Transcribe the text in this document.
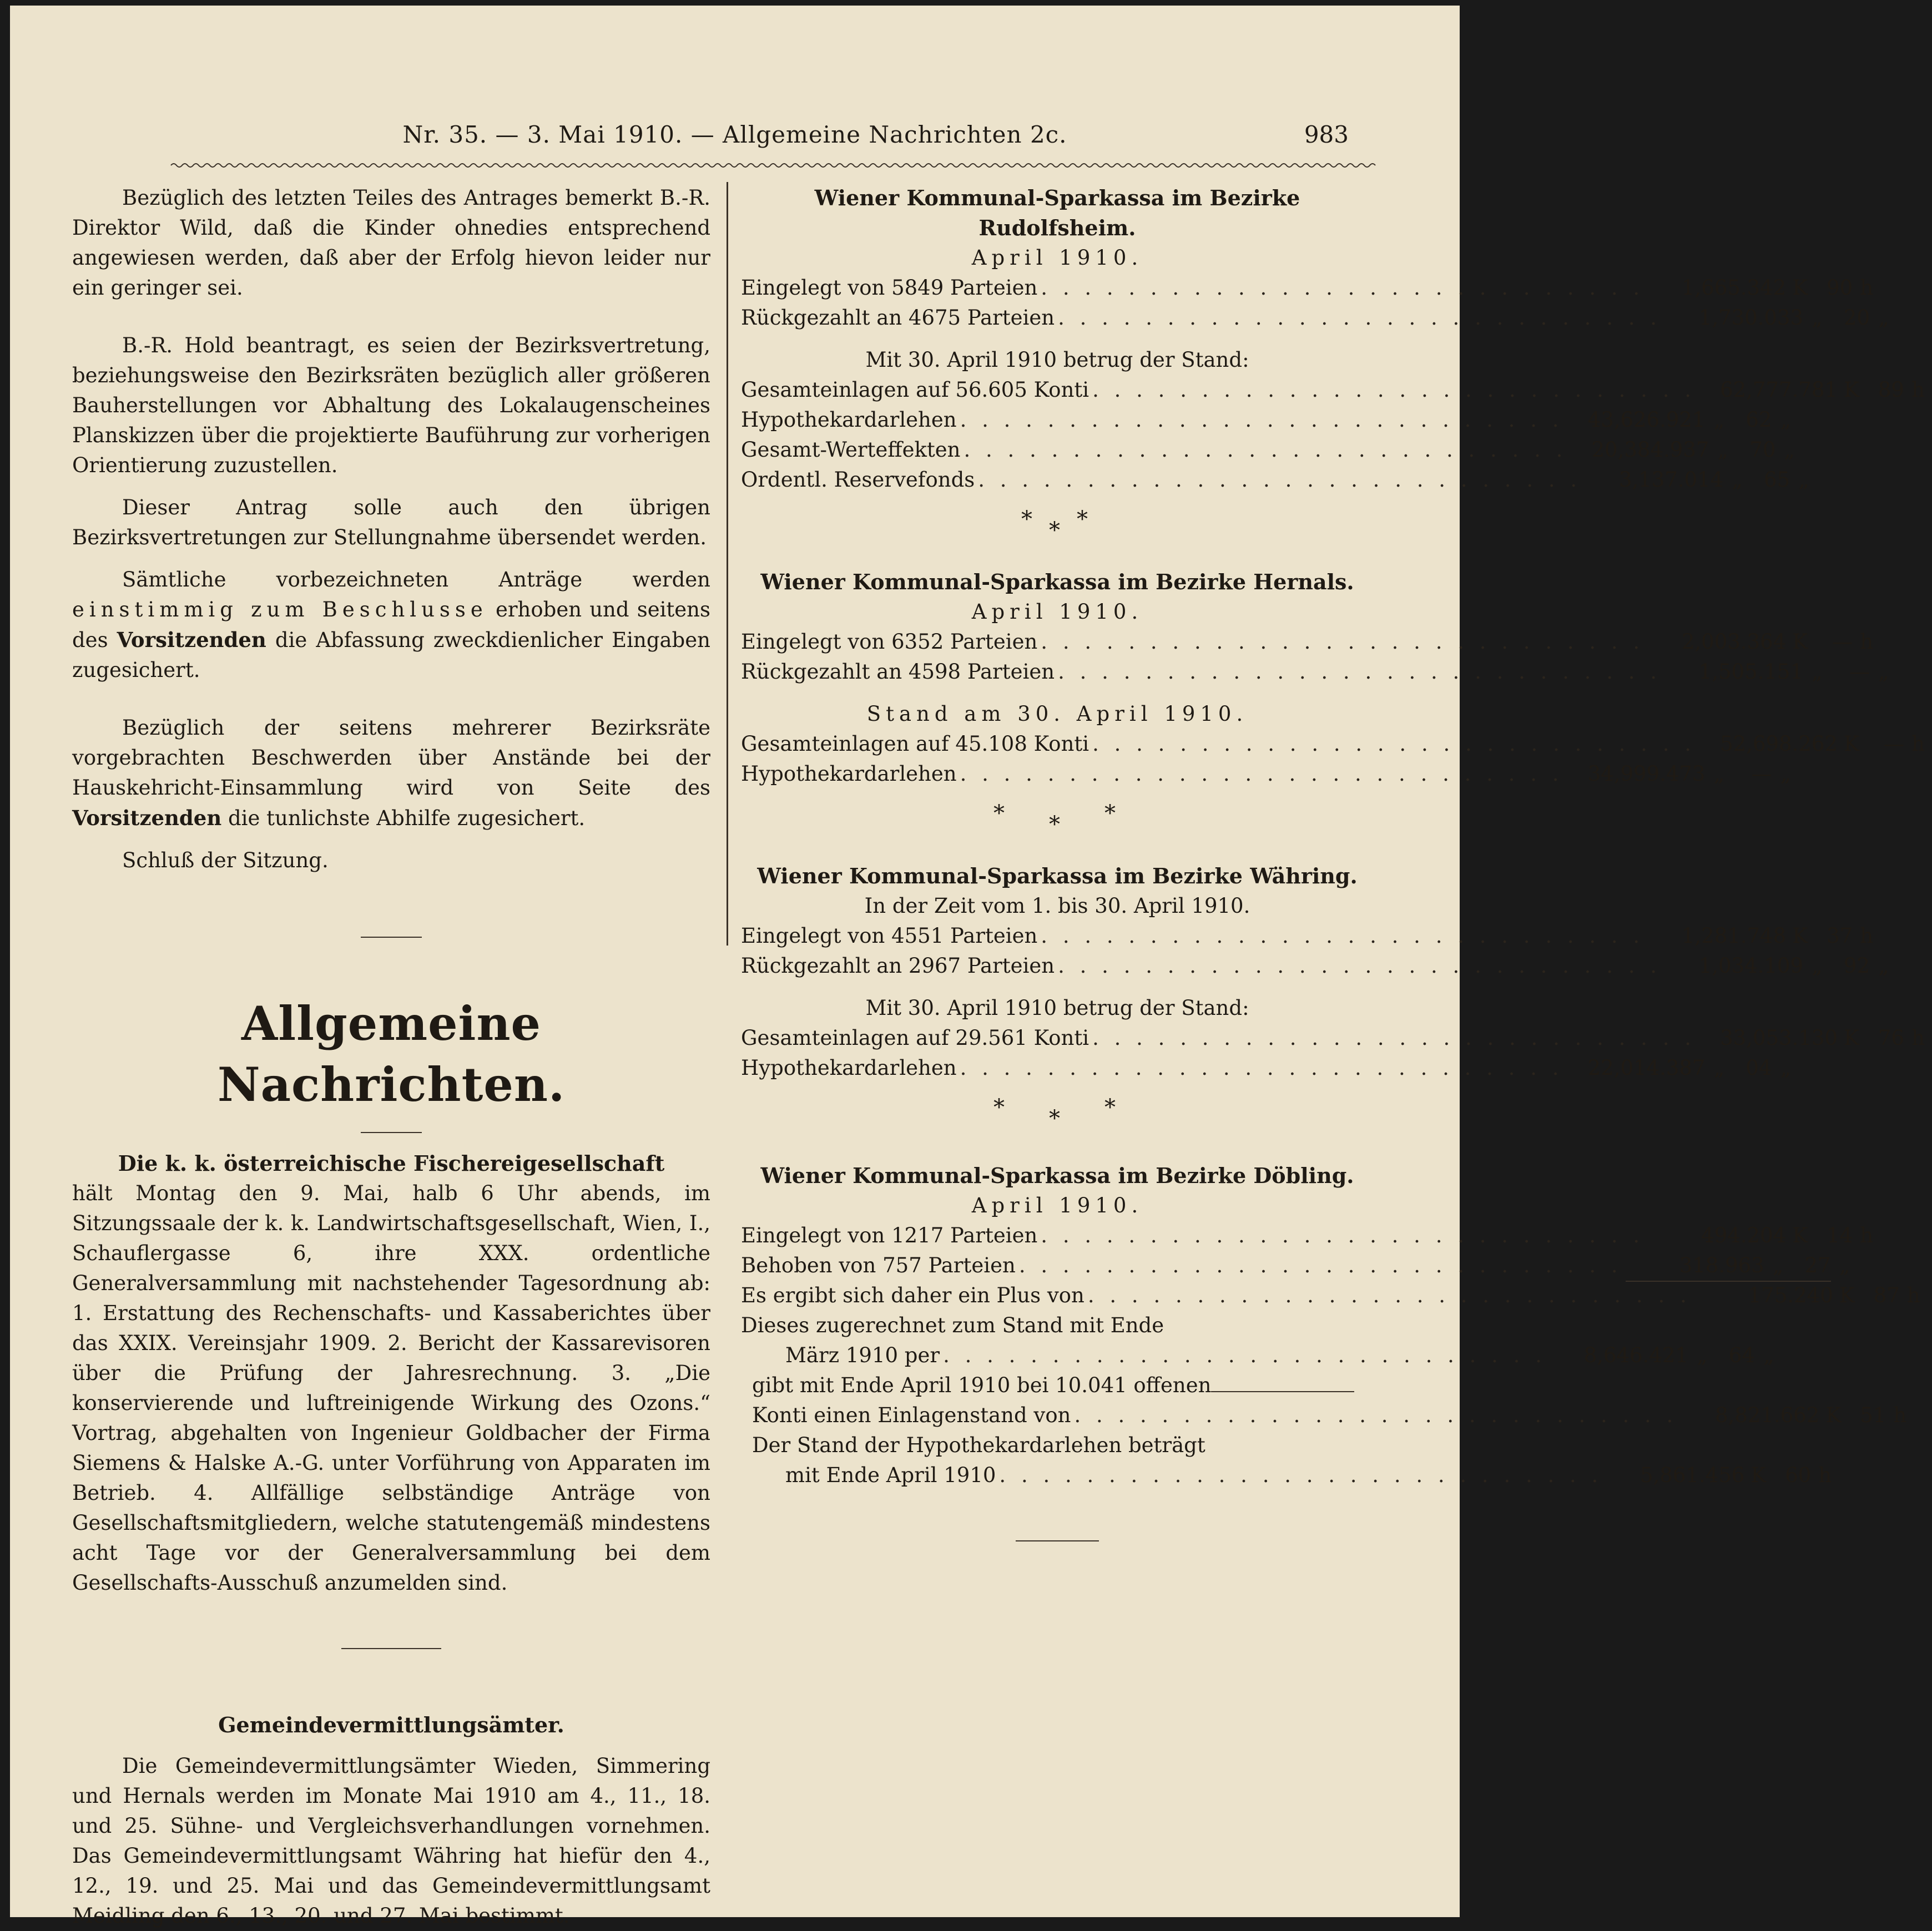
Nr. 35. — 3. Mai 1910. — Allgemeine Nachrichten 2c.	983

Bezüglich des letzten Teiles des Antrages bemerkt B.-R. Direktor Wild, daß die Kinder ohnedies entsprechend angewiesen werden, daß aber der Erfolg hievon leider nur ein geringer sei.

B.-R. Hold beantragt, es seien der Bezirksvertretung, beziehungsweise den Bezirksräten bezüglich aller größeren Bauherstellungen vor Abhaltung des Lokalaugenscheines Planskizzen über die projektierte Bauführung zur vorherigen Orientierung zuzustellen.

Dieser Antrag solle auch den übrigen Bezirksvertretungen zur Stellungnahme übersendet werden.

Sämtliche vorbezeichneten Anträge werden einstimmig zum Beschlusse erhoben und seitens des Vorsitzenden die Abfassung zweckdienlicher Eingaben zugesichert.

Bezüglich der seitens mehrerer Bezirksräte vorgebrachten Beschwerden über Anstände bei der Hauskehricht-Einsammlung wird von Seite des Vorsitzenden die tunlichste Abhilfe zugesichert.

Schluß der Sitzung.

Allgemeine Nachrichten.
Die k. k. österreichische Fischereigesellschaft

hält Montag den 9. Mai, halb 6 Uhr abends, im Sitzungssaale der k. k. Landwirtschaftsgesellschaft, Wien, I., Schauflergasse 6, ihre XXX. ordentliche Generalversammlung mit nachstehender Tagesordnung ab: 1. Erstattung des Rechenschafts- und Kassaberichtes über das XXIX. Vereinsjahr 1909. 2. Bericht der Kassarevisoren über die Prüfung der Jahresrechnung. 3. „Die konservierende und luftreinigende Wirkung des Ozons.“ Vortrag, abgehalten von Ingenieur Goldbacher der Firma Siemens & Halske A.-G. unter Vorführung von Apparaten im Betrieb. 4. Allfällige selbständige Anträge von Gesellschaftsmitgliedern, welche statutengemäß mindestens acht Tage vor der Generalversammlung bei dem Gesellschafts-Ausschuß anzumelden sind.

Gemeindevermittlungsämter.

Die Gemeindevermittlungsämter Wieden, Simmering und Hernals werden im Monate Mai 1910 am 4., 11., 18. und 25. Sühne- und Vergleichsverhandlungen vornehmen. Das Gemeindevermittlungsamt Währing hat hiefür den 4., 12., 19. und 25. Mai und das Gemeindevermittlungsamt Meidling den 6., 13., 20. und 27. Mai bestimmt.

Wiener Kommunal-Sparkassa im Bezirke Rudolfsheim.
April 1910.
Eingelegt von 5849 Parteien . . . . . . . . . . . . . . . . . . . . . . . . . . . .	1,665.342 K 90 h
Rückgezahlt an 4675 Parteien . . . . . . . . . . . . . . . . . . . . . . . . . . . .	1,730.033 „	20 „
Mit 30. April 1910 betrug der Stand:
Gesamteinlagen auf 56.605 Konti . . . . . . . . . . . . . . . . . . . . . . . . . . . .	62,777.781 K 89 h
Hypothekardarlehen . . . . . . . . . . . . . . . . . . . . . . . . . . . .	43,626.921 „	62 „
Gesamt-Werteffekten . . . . . . . . . . . . . . . . . . . . . . . . . . . .	20,384.937 „	70 „
Ordentl. Reservefonds . . . . . . . . . . . . . . . . . . . . . . . . . . . .	3,137.014 „	65 „
* * *
Wiener Kommunal-Sparkassa im Bezirke Hernals.
April 1910.
Eingelegt von 6352 Parteien . . . . . . . . . . . . . . . . . . . . . . . . . . . .	2,003.364 K	— h
Rückgezahlt an 4598 Parteien . . . . . . . . . . . . . . . . . . . . . . . . . . . .	1,505.151 „	— „
Stand am 30. April 1910.
Gesamteinlagen auf 45.108 Konti . . . . . . . . . . . . . . . . . . . . . . . . . . . .	52,698.262 K	— h
Hypothekardarlehen . . . . . . . . . . . . . . . . . . . . . . . . . . . .	34,999.473 „	— „
* * *
Wiener Kommunal-Sparkassa im Bezirke Währing.
In der Zeit vom 1. bis 30. April 1910.
Eingelegt von 4551 Parteien . . . . . . . . . . . . . . . . . . . . . . . . . . . .	1,281.748 K 37 h
Rückgezahlt an 2967 Parteien . . . . . . . . . . . . . . . . . . . . . . . . . . . .	1,034.109 „	92 „
Mit 30. April 1910 betrug der Stand:
Gesamteinlagen auf 29.561 Konti . . . . . . . . . . . . . . . . . . . . . . . . . . . .	33,053.130 K 76 h
Hypothekardarlehen . . . . . . . . . . . . . . . . . . . . . . . . . . . .	22,014.387 „	04 „
* * *
Wiener Kommunal-Sparkassa im Bezirke Döbling.
April 1910.
Eingelegt von 1217 Parteien . . . . . . . . . . . . . . . . . . . . . . . . . . . .	494.204 K 14 h
Behoben von 757 Parteien . . . . . . . . . . . . . . . . . . . . . . . . . . . .	318.963 „	27 „
Es ergibt sich daher ein Plus von . . . . . . . . . . . . . . . . . . . . . . . . . . . .	175.240 K 87 h
Dieses zugerechnet zum Stand mit Ende
März 1910 per . . . . . . . . . . . . . . . . . . . . . . . . . . . .	8,646.421 „	64 „
gibt mit Ende April 1910 bei 10.041 offenen
Konti einen Einlagenstand von . . . . . . . . . . . . . . . . . . . . . . . . . . . .	8,821.662 K 51 h
Der Stand der Hypothekardarlehen beträgt
mit Ende April 1910 . . . . . . . . . . . . . . . . . . . . . . . . . . . .	5,861.456 K 60 h
